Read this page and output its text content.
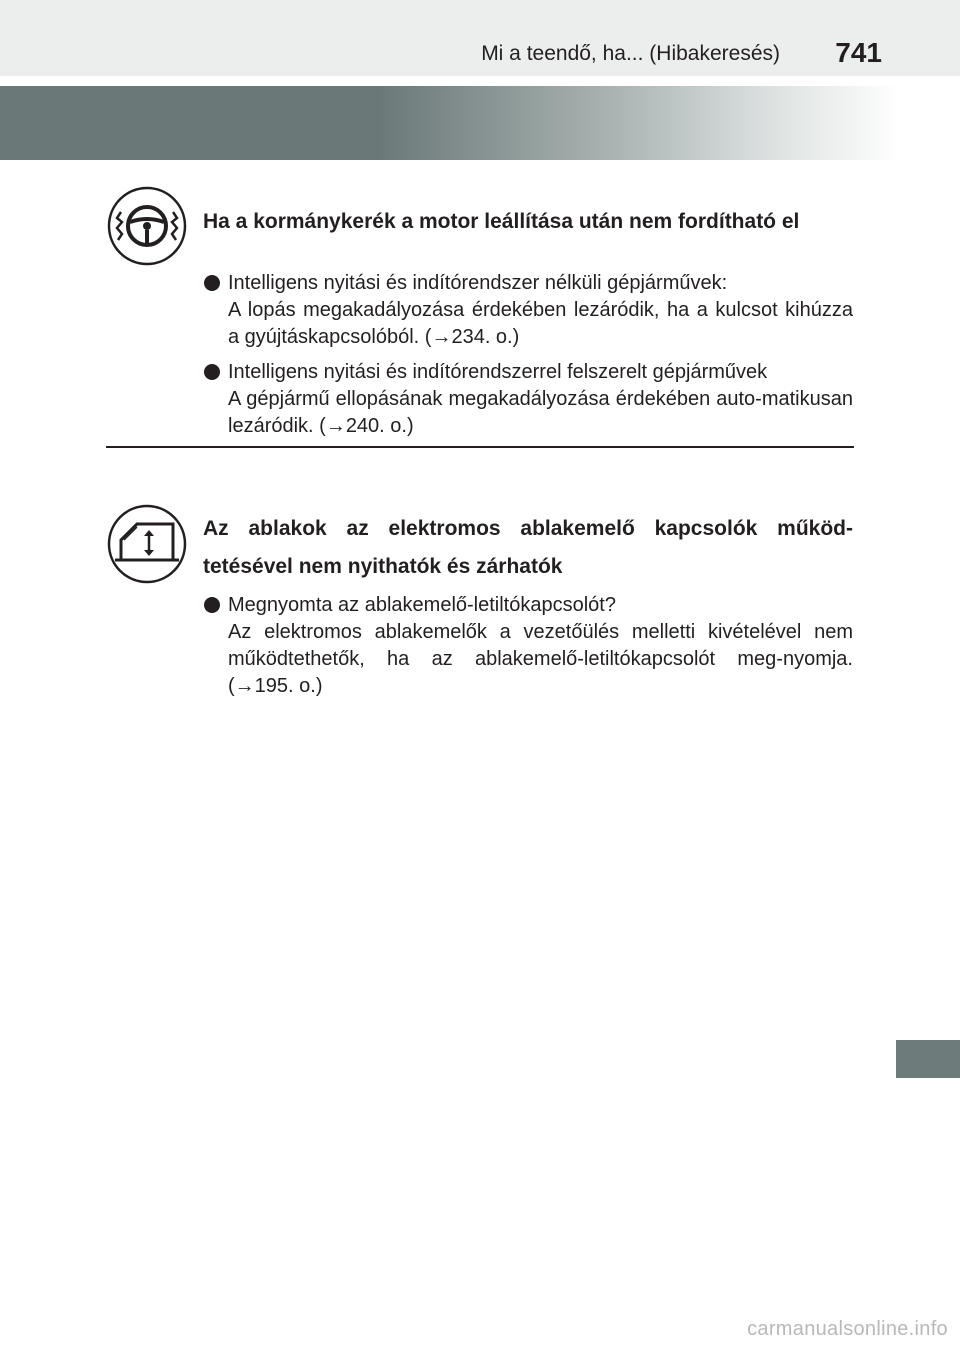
Mi a teendő, ha... (Hibakeresés) 741
Ha a kormánykerék a motor leállítása után nem fordítható el
Intelligens nyitási és indítórendszer nélküli gépjárművek:
A lopás megakadályozása érdekében lezáródik, ha a kulcsot kihúzza a gyújtáskapcsolóból. (→234. o.)
Intelligens nyitási és indítórendszerrel felszerelt gépjárművek
A gépjármű ellopásának megakadályozása érdekében auto-matikusan lezáródik. (→240. o.)
Az ablakok az elektromos ablakemelő kapcsolók működ-tetésével nem nyithatók és zárhatók
Megnyomta az ablakemelő-letiltókapcsolót?
Az elektromos ablakemelők a vezetőülés melletti kivételével nem működtethetők, ha az ablakemelő-letiltókapcsolót meg-nyomja. (→195. o.)
carmanualsonline.info
